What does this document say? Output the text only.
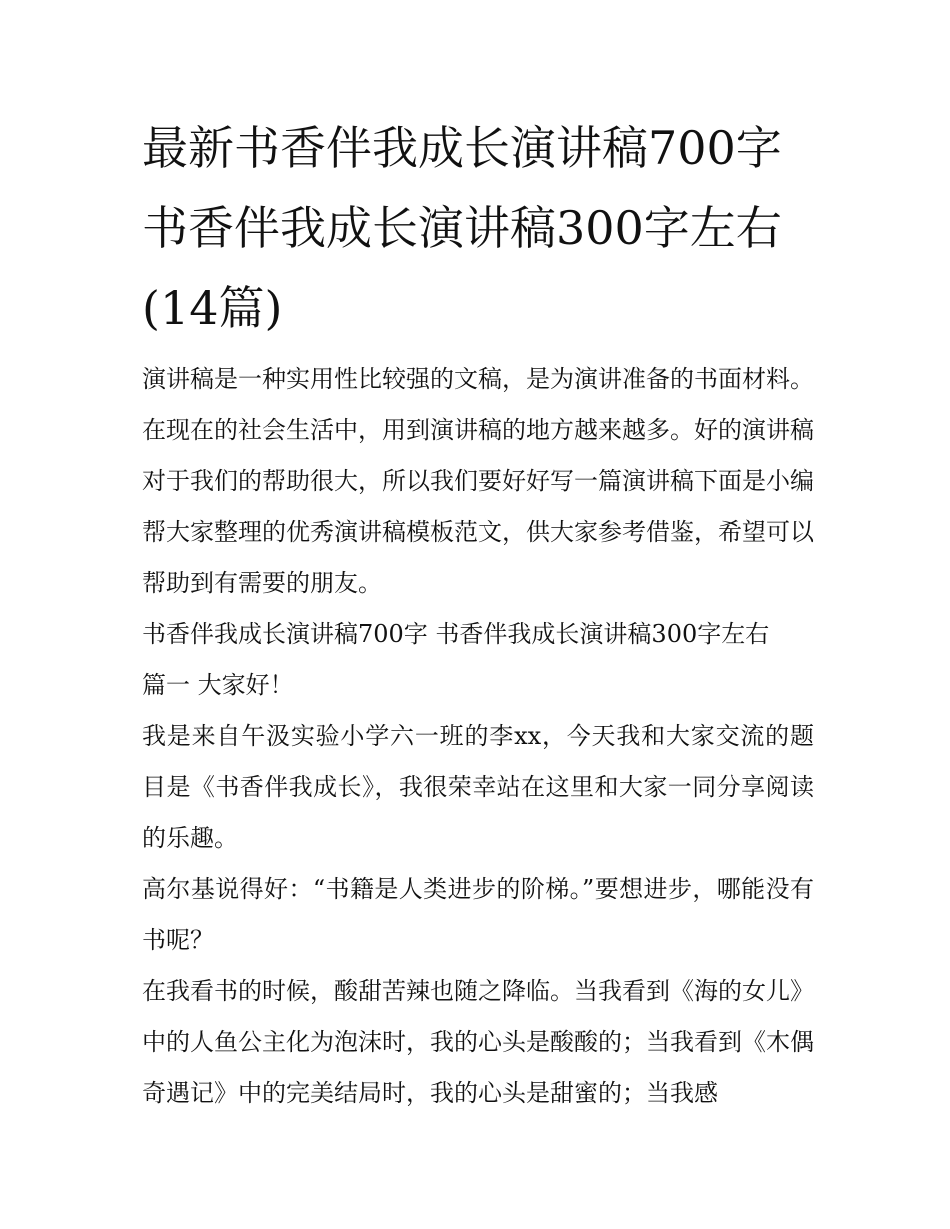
最新书香伴我成长演讲稿700字 书香伴我成长演讲稿300字左右(14篇)

演讲稿是一种实用性比较强的文稿，是为演讲准备的书面材料。在现在的社会生活中，用到演讲稿的地方越来越多。好的演讲稿对于我们的帮助很大，所以我们要好好写一篇演讲稿下面是小编帮大家整理的优秀演讲稿模板范文，供大家参考借鉴，希望可以帮助到有需要的朋友。

书香伴我成长演讲稿700字 书香伴我成长演讲稿300字左右

篇一 大家好！

我是来自午汲实验小学六一班的李xx，今天我和大家交流的题目是《书香伴我成长》，我很荣幸站在这里和大家一同分享阅读的乐趣。

高尔基说得好：“书籍是人类进步的阶梯。”要想进步，哪能没有书呢？

在我看书的时候，酸甜苦辣也随之降临。当我看到《海的女儿》中的人鱼公主化为泡沫时，我的心头是酸酸的；当我看到《木偶奇遇记》中的完美结局时，我的心头是甜蜜的；当我感
